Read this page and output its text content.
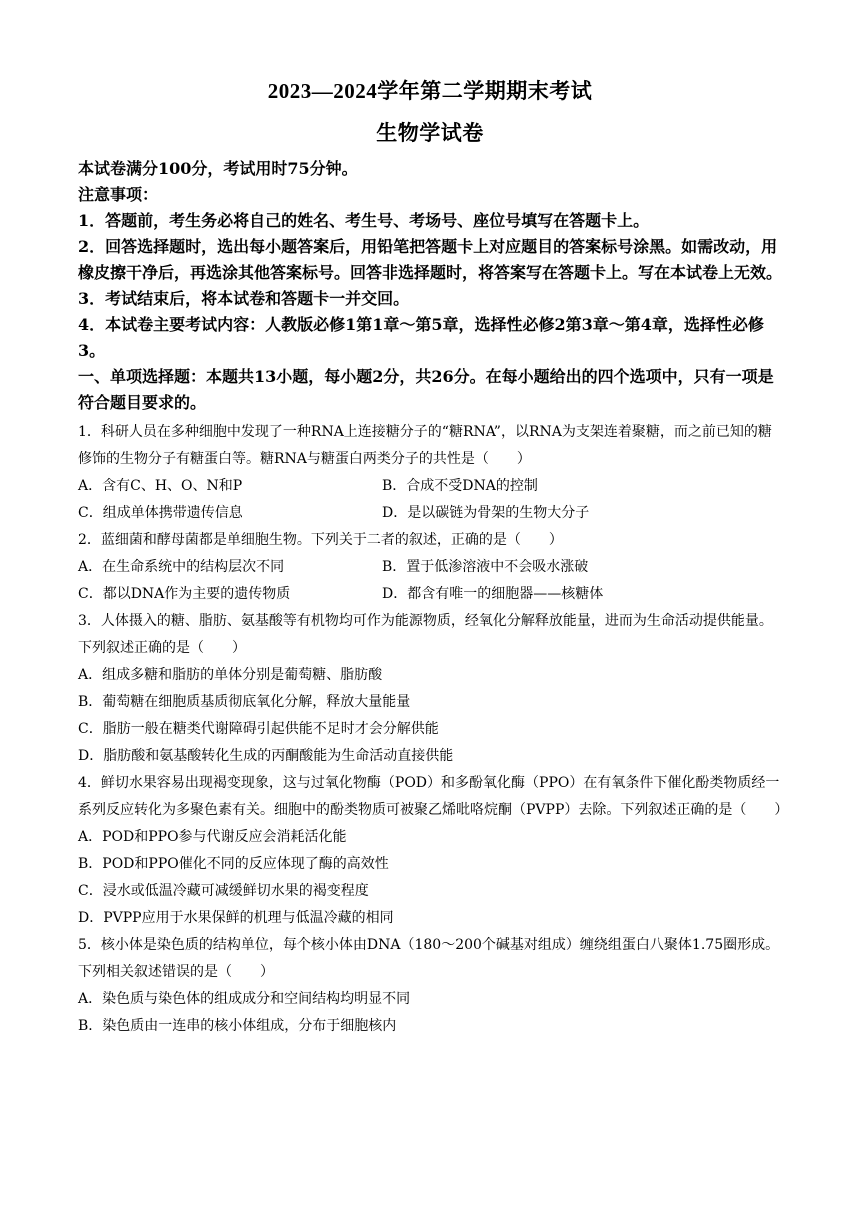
2023—2024学年第二学期期末考试
生物学试卷

本试卷满分100分，考试用时75分钟。

注意事项：

1．答题前，考生务必将自己的姓名、考生号、考场号、座位号填写在答题卡上。

2．回答选择题时，选出每小题答案后，用铅笔把答题卡上对应题目的答案标号涂黑。如需改动，用橡皮擦干净后，再选涂其他答案标号。回答非选择题时，将答案写在答题卡上。写在本试卷上无效。

3．考试结束后，将本试卷和答题卡一并交回。

4．本试卷主要考试内容：人教版必修1第1章～第5章，选择性必修2第3章～第4章，选择性必修3。

一、单项选择题：本题共13小题，每小题2分，共26分。在每小题给出的四个选项中，只有一项是符合题目要求的。

1．科研人员在多种细胞中发现了一种RNA上连接糖分子的“糖RNA”，以RNA为支架连着聚糖，而之前已知的糖修饰的生物分子有糖蛋白等。糖RNA与糖蛋白两类分子的共性是（　　）

A．含有C、H、O、N和P	B．合成不受DNA的控制
C．组成单体携带遗传信息	D．是以碳链为骨架的生物大分子

2．蓝细菌和酵母菌都是单细胞生物。下列关于二者的叙述，正确的是（　　）

A．在生命系统中的结构层次不同	B．置于低渗溶液中不会吸水涨破
C．都以DNA作为主要的遗传物质	D．都含有唯一的细胞器——核糖体

3．人体摄入的糖、脂肪、氨基酸等有机物均可作为能源物质，经氧化分解释放能量，进而为生命活动提供能量。下列叙述正确的是（　　）

A．组成多糖和脂肪的单体分别是葡萄糖、脂肪酸

B．葡萄糖在细胞质基质彻底氧化分解，释放大量能量

C．脂肪一般在糖类代谢障碍引起供能不足时才会分解供能

D．脂肪酸和氨基酸转化生成的丙酮酸能为生命活动直接供能

4．鲜切水果容易出现褐变现象，这与过氧化物酶（POD）和多酚氧化酶（PPO）在有氧条件下催化酚类物质经一系列反应转化为多聚色素有关。细胞中的酚类物质可被聚乙烯吡咯烷酮（PVPP）去除。下列叙述正确的是（　　）

A．POD和PPO参与代谢反应会消耗活化能

B．POD和PPO催化不同的反应体现了酶的高效性

C．浸水或低温冷藏可减缓鲜切水果的褐变程度

D．PVPP应用于水果保鲜的机理与低温冷藏的相同

5．核小体是染色质的结构单位，每个核小体由DNA（180～200个碱基对组成）缠绕组蛋白八聚体1.75圈形成。下列相关叙述错误的是（　　）

A．染色质与染色体的组成成分和空间结构均明显不同

B．染色质由一连串的核小体组成，分布于细胞核内
